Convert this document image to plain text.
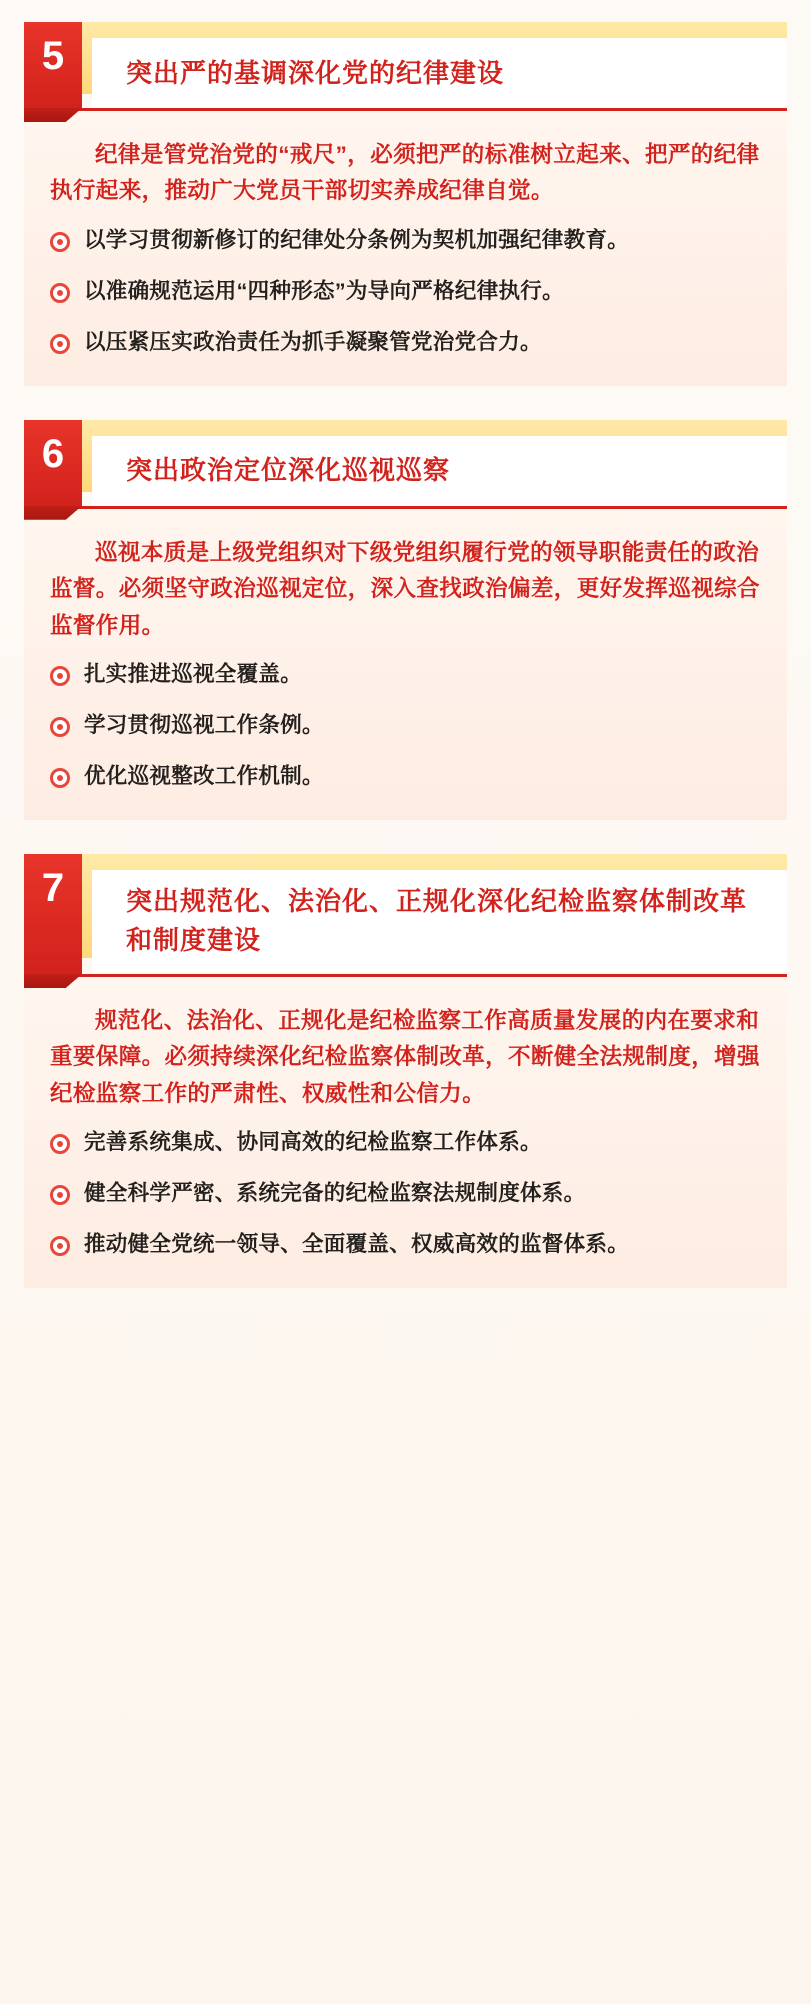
5	突出严的基调深化党的纪律建设

纪律是管党治党的“戒尺”，必须把严的标准树立起来、把严的纪律执行起来，推动广大党员干部切实养成纪律自觉。

以学习贯彻新修订的纪律处分条例为契机加强纪律教育。
以准确规范运用“四种形态”为导向严格纪律执行。
以压紧压实政治责任为抓手凝聚管党治党合力。
6	突出政治定位深化巡视巡察

巡视本质是上级党组织对下级党组织履行党的领导职能责任的政治监督。必须坚守政治巡视定位，深入查找政治偏差，更好发挥巡视综合监督作用。

扎实推进巡视全覆盖。
学习贯彻巡视工作条例。
优化巡视整改工作机制。
7	突出规范化、法治化、正规化深化纪检监察体制改革和制度建设

规范化、法治化、正规化是纪检监察工作高质量发展的内在要求和重要保障。必须持续深化纪检监察体制改革，不断健全法规制度，增强纪检监察工作的严肃性、权威性和公信力。

完善系统集成、协同高效的纪检监察工作体系。
健全科学严密、系统完备的纪检监察法规制度体系。
推动健全党统一领导、全面覆盖、权威高效的监督体系。
